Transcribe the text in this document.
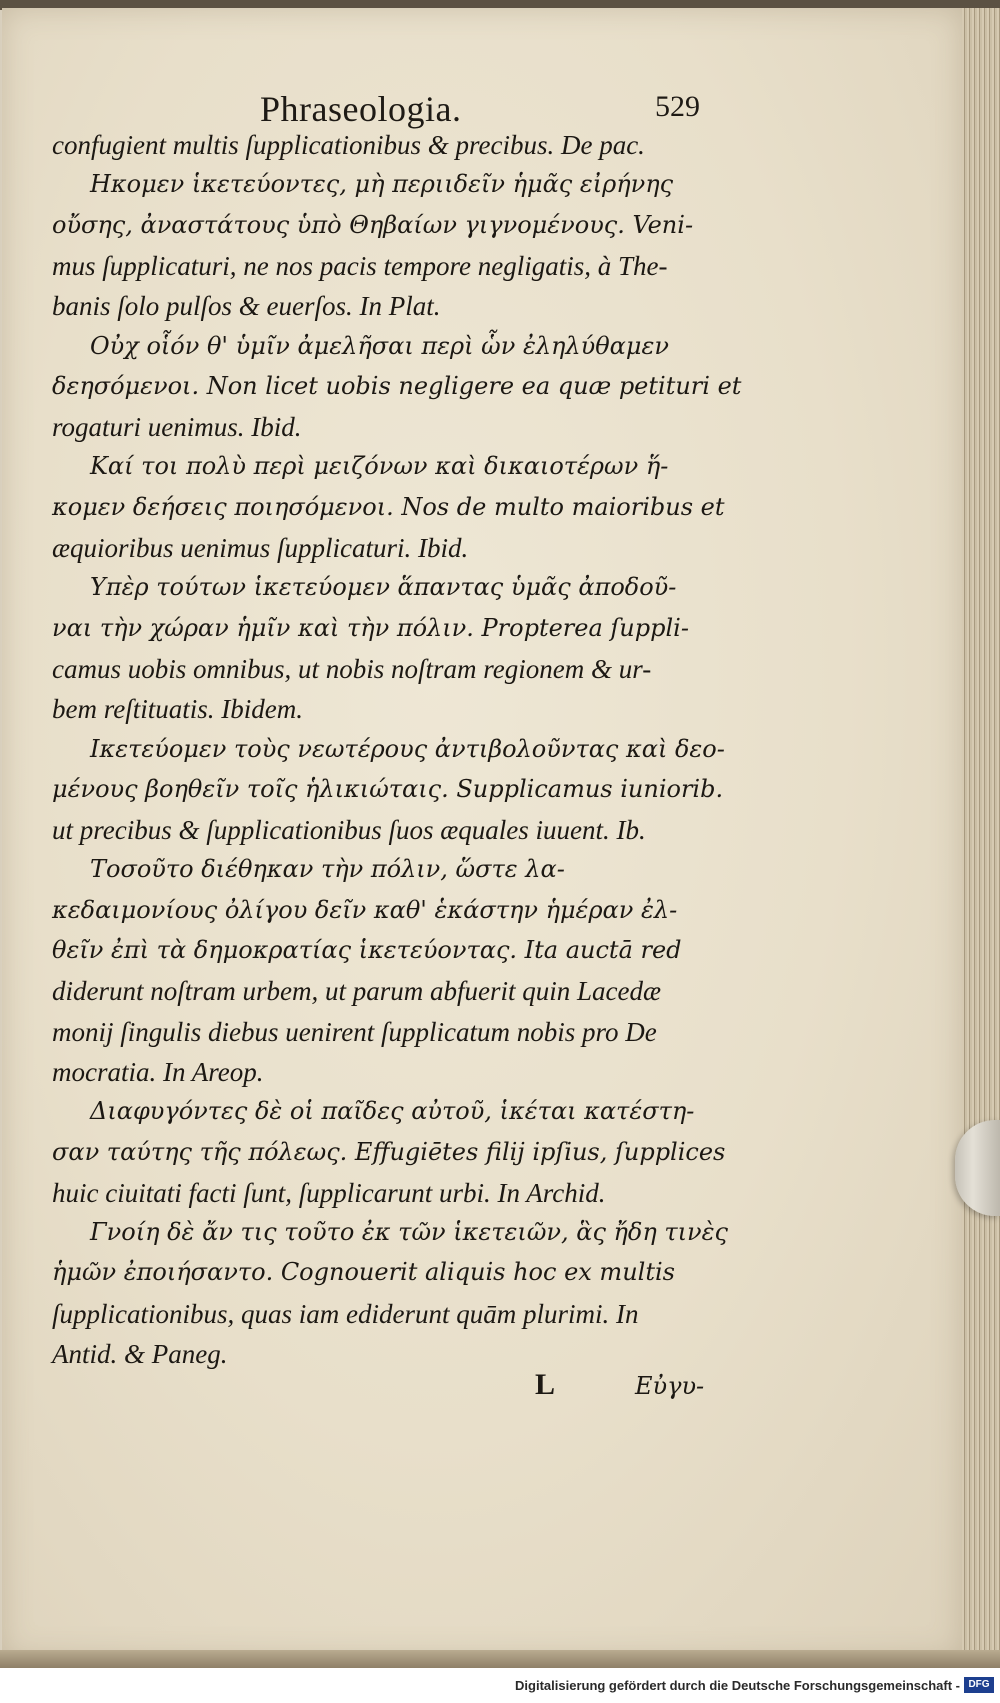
Phraseologia.	529
confugient multis ſupplicationibus & precibus. De pac.
Ηκομεν ἱκετεύοντες, μὴ περιιδεῖν ἡμᾶς εἰρήνης
οὔσης, ἀναστάτους ὑπὸ Θηβαίων γιγνομένους. Veni-
mus ſupplicaturi, ne nos pacis tempore negligatis, à The-
banis ſolo pulſos & euerſos. In Plat.
Οὐχ οἷόν θ' ὑμῖν ἀμελῆσαι περὶ ὧν ἐληλύθαμεν
δεησόμενοι. Non licet uobis negligere ea quæ petituri et
rogaturi uenimus. Ibid.
Καί τοι πολὺ περὶ μειζόνων καὶ δικαιοτέρων ἥ-
κομεν δεήσεις ποιησόμενοι. Nos de multo maioribus et
æquioribus uenimus ſupplicaturi. Ibid.
Υπὲρ τούτων ἱκετεύομεν ἅπαντας ὑμᾶς ἀποδοῦ-
ναι τὴν χώραν ἡμῖν καὶ τὴν πόλιν. Propterea ſuppli-
camus uobis omnibus, ut nobis noſtram regionem & ur-
bem reſtituatis. Ibidem.
Ικετεύομεν τοὺς νεωτέρους ἀντιβολοῦντας καὶ δεο-
μένους βοηθεῖν τοῖς ἡλικιώταις. Supplicamus iuniorib.
ut precibus & ſupplicationibus ſuos æquales iuuent. Ib.
Τοσοῦτο διέθηκαν τὴν πόλιν, ὥστε λα-
κεδαιμονίους ὀλίγου δεῖν καθ' ἑκάστην ἡμέραν ἐλ-
θεῖν ἐπὶ τὰ δημοκρατίας ἱκετεύοντας. Ita auctā red
diderunt noſtram urbem, ut parum abfuerit quin Lacedæ
monij ſingulis diebus uenirent ſupplicatum nobis pro De
mocratia. In Areop.
Διαφυγόντες δὲ οἱ παῖδες αὐτοῦ, ἱκέται κατέστη-
σαν ταύτης τῆς πόλεως. Effugiētes filij ipſius, ſupplices
huic ciuitati facti ſunt, ſupplicarunt urbi. In Archid.
Γνοίη δὲ ἄν τις τοῦτο ἐκ τῶν ἱκετειῶν, ἃς ἤδη τινὲς
ἡμῶν ἐποιήσαντο. Cognouerit aliquis hoc ex multis
ſupplicationibus, quas iam ediderunt quām plurimi. In
Antid. & Paneg.
L	Εὐγυ-
Digitalisierung gefördert durch die Deutsche Forschungsgemeinschaft - DFG
